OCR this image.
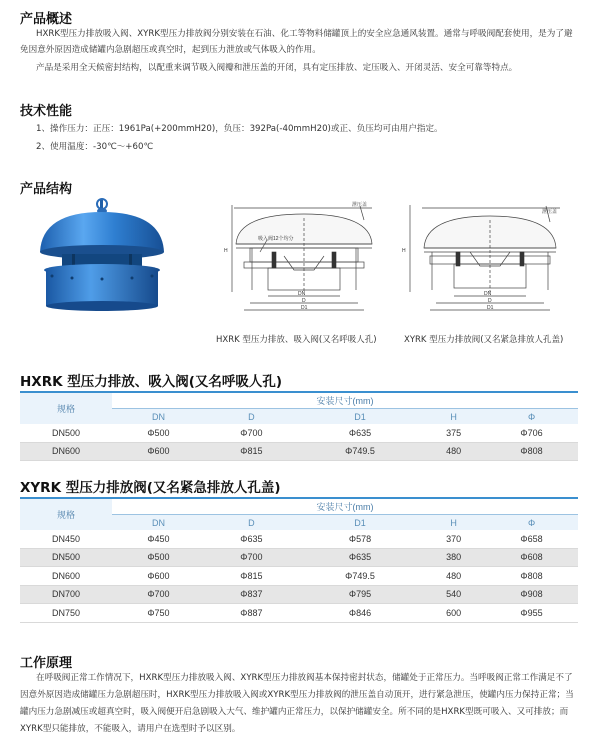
产品概述

HXRK型压力排放吸入阀、XYRK型压力排放阀分别安装在石油、化工等物料储罐顶上的安全应急通风装置。通常与呼吸阀配套使用，是为了避免因意外原因造成储罐内急剧超压或真空时，起到压力泄放或气体吸入的作用。

产品是采用全天候密封结构，以配重来调节吸入阀瓣和泄压盖的开闭，具有定压排放、定压吸入、开闭灵活、安全可靠等特点。

技术性能
1、操作压力：正压：1961Pa(+200mmH20)，负压：392Pa(-40mmH20)或正、负压均可由用户指定。
2、使用温度：-30℃～+60℃
产品结构
泄压盖
吸入阀12个均分
DN
D
D1
H
泄压盖
DN
D
D1
H
HXRK 型压力排放、吸入阀(又名呼吸人孔)	XYRK 型压力排放阀(又名紧急排放人孔盖)
HXRK 型压力排放、吸入阀(又名呼吸人孔)
规格	安装尺寸(mm)				
	DN	D	D1	H	Φ
DN500	Φ500	Φ700	Φ635	375	Φ706
DN600	Φ600	Φ815	Φ749.5	480	Φ808
XYRK 型压力排放阀(又名紧急排放人孔盖)
规格	安装尺寸(mm)				
	DN	D	D1	H	Φ
DN450	Φ450	Φ635	Φ578	370	Φ658
DN500	Φ500	Φ700	Φ635	380	Φ608
DN600	Φ600	Φ815	Φ749.5	480	Φ808
DN700	Φ700	Φ837	Φ795	540	Φ908
DN750	Φ750	Φ887	Φ846	600	Φ955
工作原理

在呼吸阀正常工作情况下，HXRK型压力排放吸入阀、XYRK型压力排放阀基本保持密封状态，储罐处于正常压力。当呼吸阀正常工作满足不了因意外原因造成储罐压力急剧超压时，HXRK型压力排放吸入阀或XYRK型压力排放阀的泄压盖自动顶开，进行紧急泄压，使罐内压力保持正常；当罐内压力急剧减压或超真空时，吸入阀便开启急剧吸入大气、维护罐内正常压力，以保护储罐安全。所不同的是HXRK型既可吸入、又可排放；而XYRK型只能排放，不能吸入，请用户在选型时予以区别。
